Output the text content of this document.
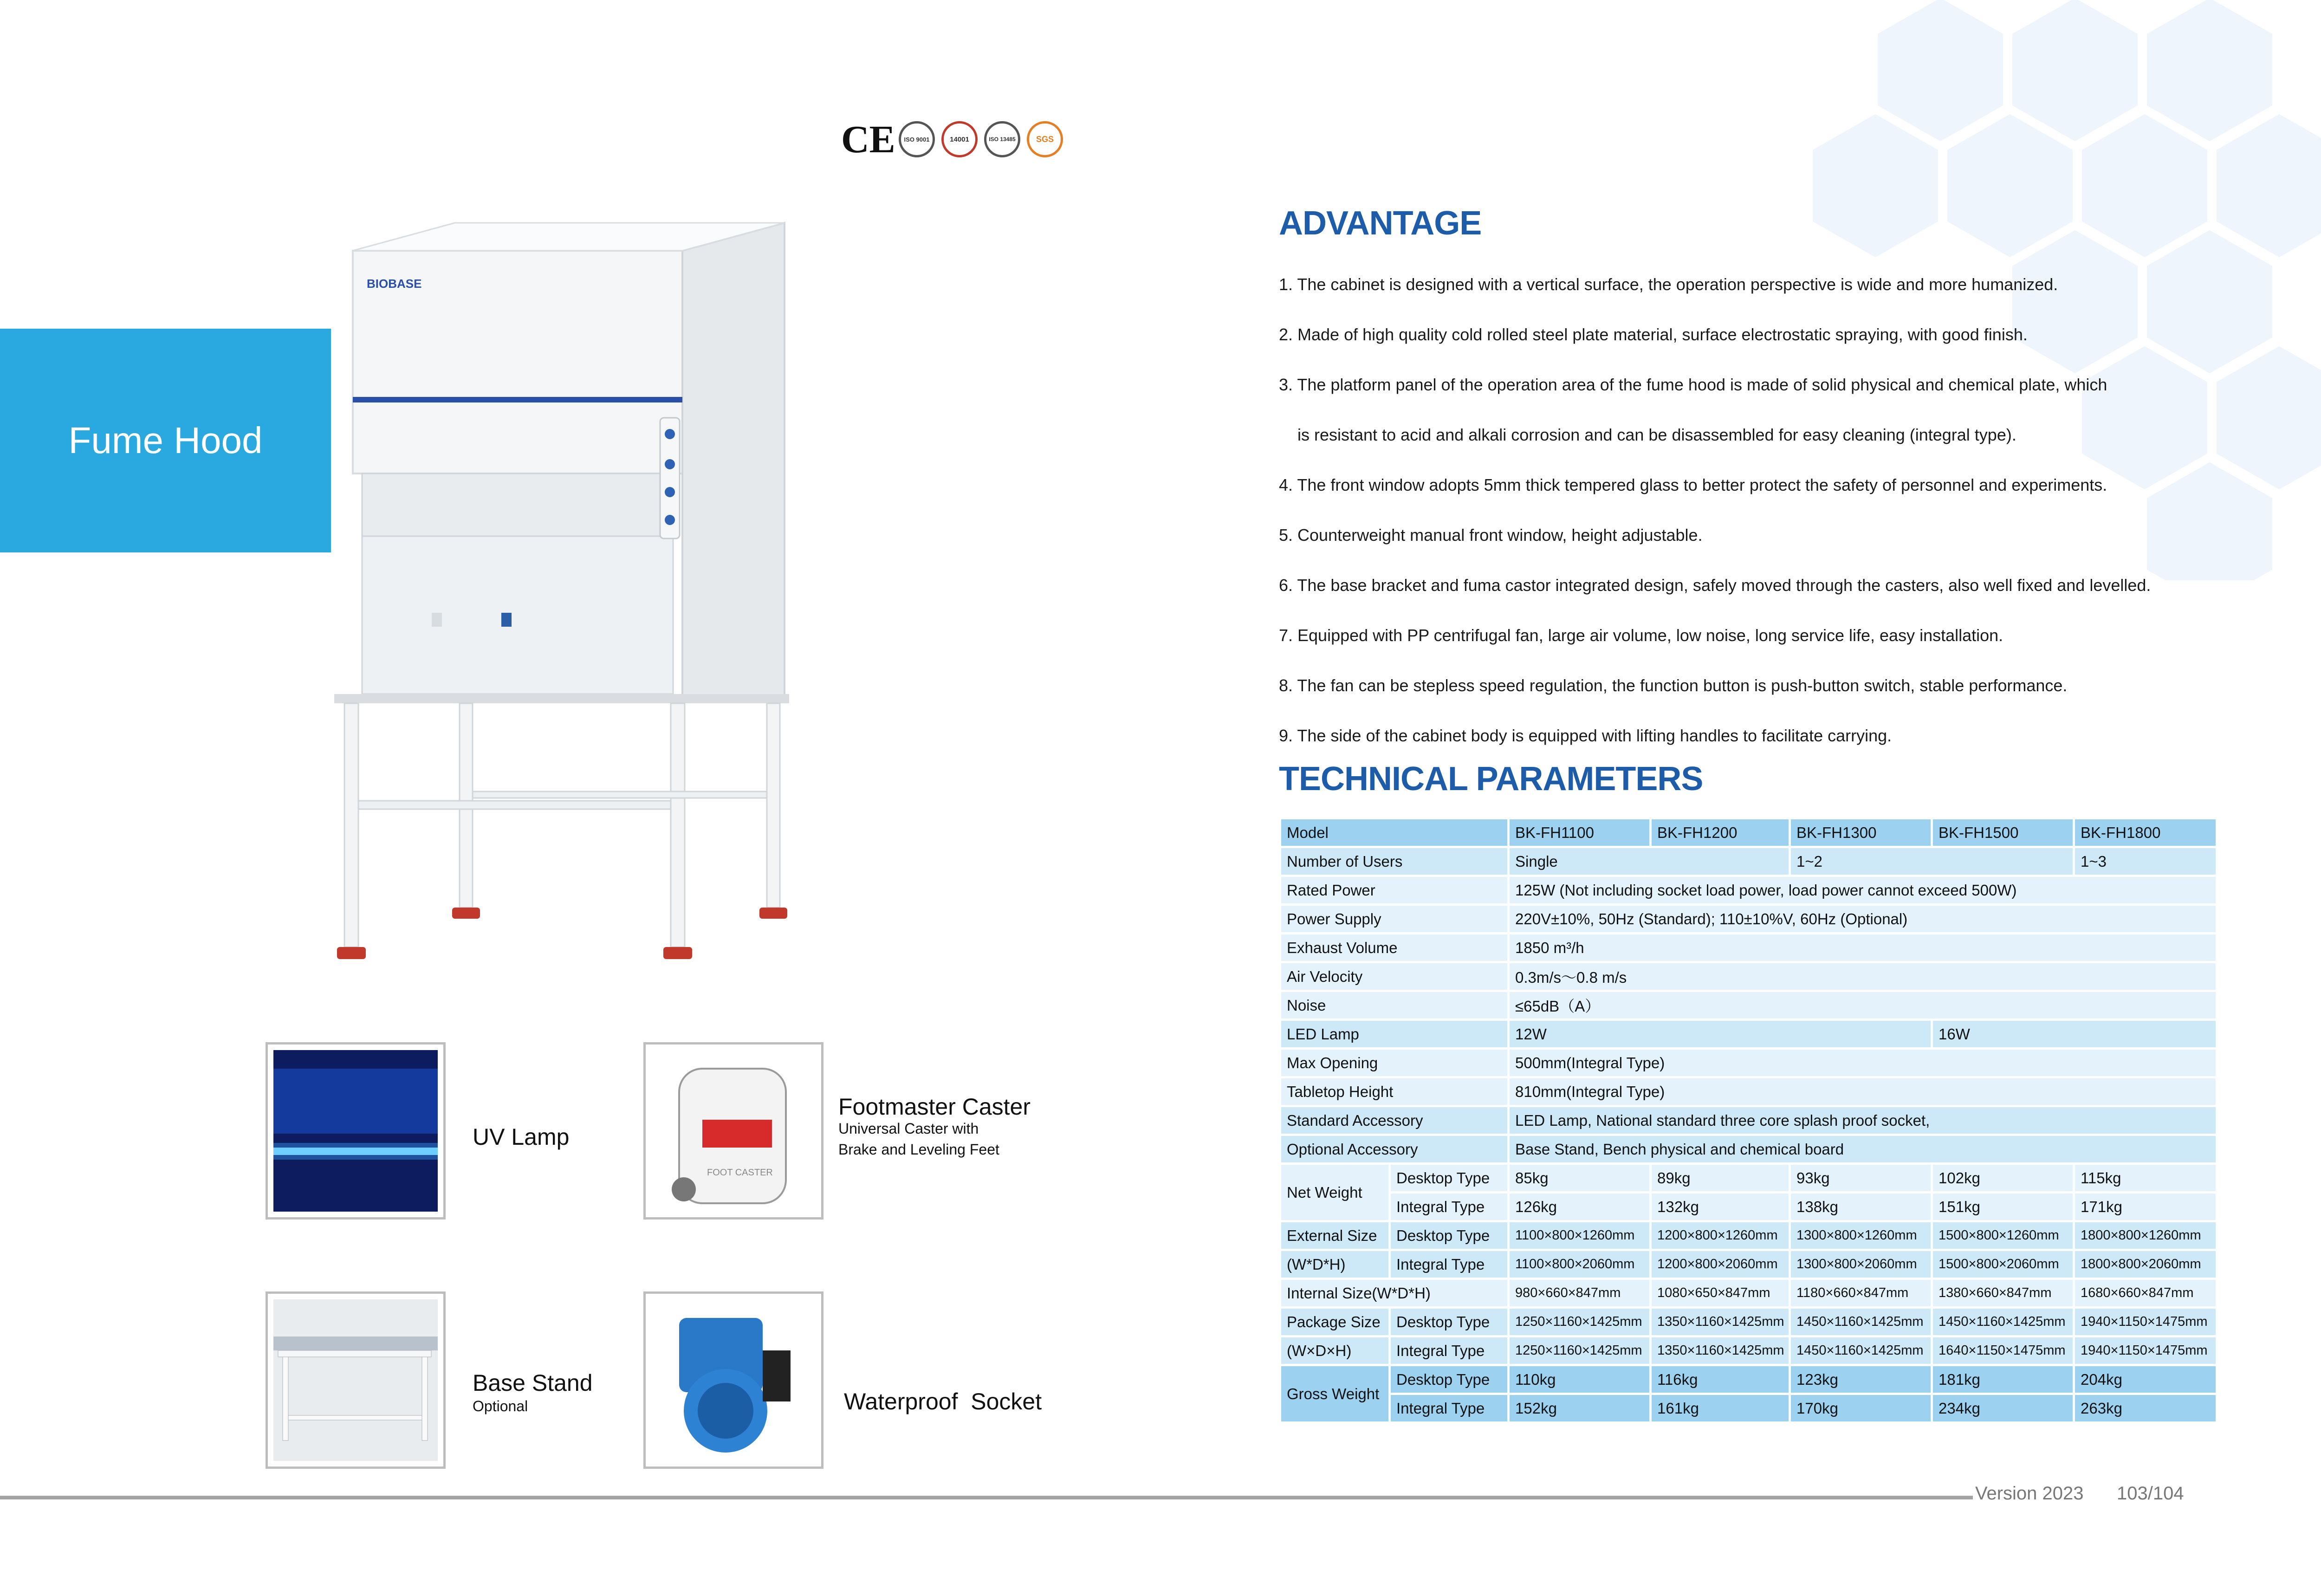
Fume Hood
CE ISO 9001	14001	ISO 13485 SGS
BIOBASE
UV Lamp
FOOT CASTER
Footmaster Caster
Universal Caster with
Brake and Leveling Feet
Base Stand
Optional	Waterproof  Socket
ADVANTAGE
1. The cabinet is designed with a vertical surface, the operation perspective is wide and more humanized.
2. Made of high quality cold rolled steel plate material, surface electrostatic spraying, with good finish.
3. The platform panel of the operation area of the fume hood is made of solid physical and chemical plate, which
is resistant to acid and alkali corrosion and can be disassembled for easy cleaning (integral type).
4. The front window adopts 5mm thick tempered glass to better protect the safety of personnel and experiments.
5. Counterweight manual front window, height adjustable.
6. The base bracket and fuma castor integrated design, safely moved through the casters, also well fixed and levelled.
7. Equipped with PP centrifugal fan, large air volume, low noise, long service life, easy installation.
8. The fan can be stepless speed regulation, the function button is push-button switch, stable performance.
9. The side of the cabinet body is equipped with lifting handles to facilitate carrying.
TECHNICAL PARAMETERS
Model		BK-FH1100	BK-FH1200	BK-FH1300	BK-FH1500	BK-FH1800
Number of Users		Single		1~2		1~3
Rated Power		125W (Not including socket load power, load power cannot exceed 500W)				
Power Supply		220V±10%, 50Hz (Standard); 110±10%V, 60Hz (Optional)				
Exhaust Volume		1850 m³/h				
Air Velocity		0.3m/s〜0.8 m/s				
Noise		≤65dB（A）				
LED Lamp		12W			16W	
Max Opening		500mm(Integral Type)				
Tabletop Height		810mm(Integral Type)				
Standard Accessory		LED Lamp, National standard three core splash proof socket,				
Optional Accessory		Base Stand, Bench physical and chemical board				
Net Weight	Desktop Type	85kg	89kg	93kg	102kg	115kg
	Integral Type	126kg	132kg	138kg	151kg	171kg
External Size	Desktop Type	1100×800×1260mm	1200×800×1260mm	1300×800×1260mm	1500×800×1260mm	1800×800×1260mm
(W*D*H)	Integral Type	1100×800×2060mm	1200×800×2060mm	1300×800×2060mm	1500×800×2060mm	1800×800×2060mm
Internal Size(W*D*H)		980×660×847mm	1080×650×847mm	1180×660×847mm	1380×660×847mm	1680×660×847mm
Package Size	Desktop Type	1250×1160×1425mm	1350×1160×1425mm	1450×1160×1425mm	1450×1160×1425mm	1940×1150×1475mm
(W×D×H)	Integral Type	1250×1160×1425mm	1350×1160×1425mm	1450×1160×1425mm	1640×1150×1475mm	1940×1150×1475mm
Gross Weight	Desktop Type	110kg	116kg	123kg	181kg	204kg
	Integral Type	152kg	161kg	170kg	234kg	263kg
Version 2023 103/104
